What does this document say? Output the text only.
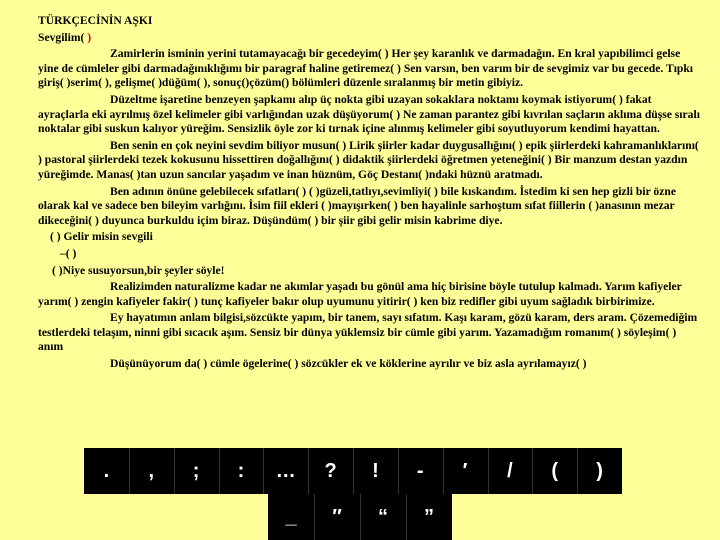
TÜRKÇECİNİN AŞKI
Sevgilim( )

Zamirlerin isminin yerini tutamayacağı bir gecedeyim( ) Her şey karanlık ve darmadağın. En kral yapıbilimci gelse yine de cümleler gibi darmadağınıklığımı bir paragraf haline getiremez( ) Sen varsın, ben varım bir de sevgimiz var bu gecede. Tıpkı giriş( )serim( ), gelişme( )düğüm( ), sonuç()çözüm() bölümleri düzenle sıralanmış bir metin gibiyiz.

Düzeltme işaretine benzeyen şapkamı alıp üç nokta gibi uzayan sokaklara noktamı koymak istiyorum( ) fakat ayraçlarla eki ayrılmış özel kelimeler gibi varlığından uzak düşüyorum( ) Ne zaman parantez gibi kıvrılan saçların aklıma düşse sıralı noktalar gibi suskun kalıyor yüreğim. Sensizlik öyle zor ki tırnak içine alınmış kelimeler gibi soyutluyorum kendimi hayattan.

Ben senin en çok neyini sevdim biliyor musun( ) Lirik şiirler kadar duygusallığını( ) epik şiirlerdeki kahramanlıklarını( ) pastoral şiirlerdeki tezek kokusunu hissettiren doğallığını( ) didaktik şiirlerdeki öğretmen yeteneğini( ) Bir manzum destan yazdın yüreğimde. Manas( )tan uzun sancılar yaşadım ve inan hüznüm, Göç Destanı( )ndaki hüznü aratmadı.

Ben adının önüne gelebilecek sıfatları( ) ( )güzeli,tatlıyı,sevimliyi( ) bile kıskandım. İstedim ki sen hep gizli bir özne olarak kal ve sadece ben bileyim varlığını. İsim fiil ekleri ( )mayışırken( ) ben hayalinle sarhoştum sıfat fiillerin ( )anasının mezar dikeceğini( ) duyunca burkuldu içim biraz. Düşündüm( ) bir şiir gibi gelir misin kabrime diye.

( ) Gelir misin sevgili
–( )
( )Niye susuyorsun,bir şeyler söyle!

Realizimden naturalizme kadar ne akımlar yaşadı bu gönül ama hiç birisine böyle tutulup kalmadı. Yarım kafiyeler yarım( ) zengin kafiyeler fakir( ) tunç kafiyeler bakır olup uyumunu yitirir( ) ken biz redifler gibi uyum sağladık birbirimize.

Ey hayatımın anlam bilgisi,sözcükte yapım, bir tanem, sayı sıfatım. Kaşı karam, gözü karam, ders aram. Çözemediğim testlerdeki telaşım, ninni gibi sıcacık aşım. Sensiz bir dünya yüklemsiz bir cümle gibi yarım. Yazamadığım romanım( ) söyleşim( ) anım

Düşünüyorum da( ) cümle ögelerine( ) sözcükler ek ve köklerine ayrılır ve biz asla ayrılamayız( )

.	,	;	:	…	?	!	-	′	/	(	)
_	″	“	”
